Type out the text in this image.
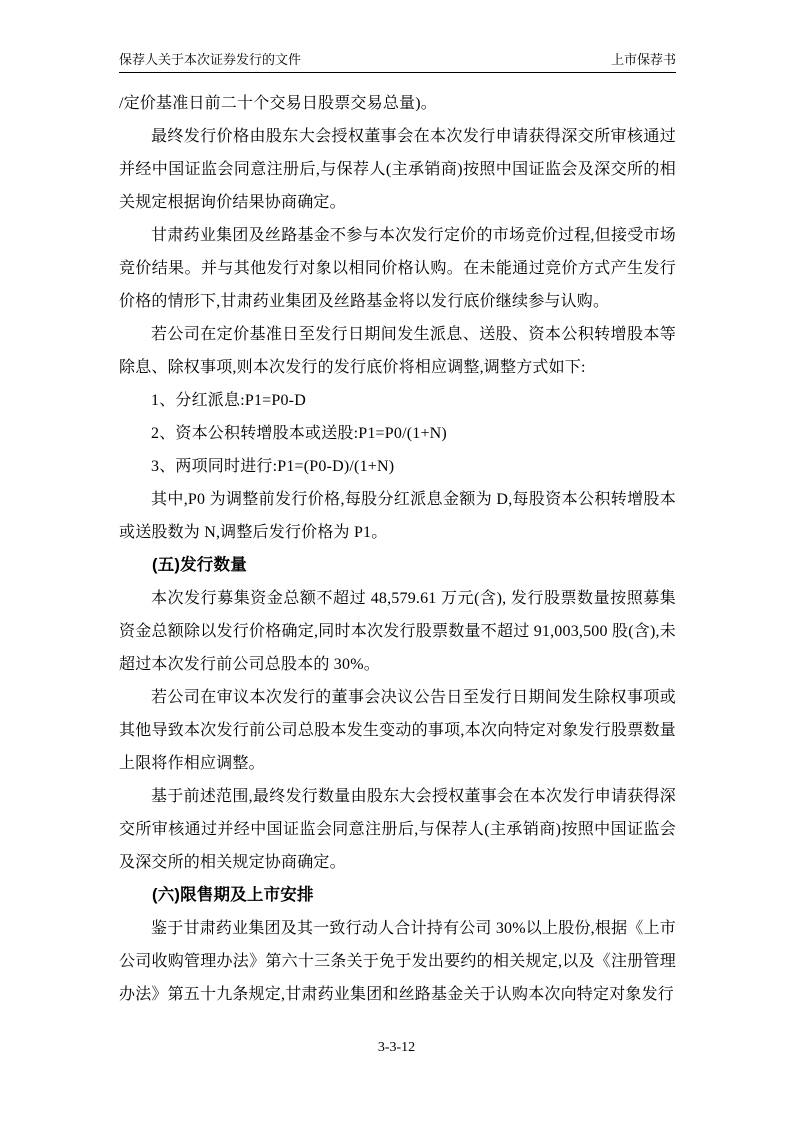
保荐人关于本次证券发行的文件	上市保荐书

/定价基准日前二十个交易日股票交易总量)。

最终发行价格由股东大会授权董事会在本次发行申请获得深交所审核通过并经中国证监会同意注册后,与保荐人(主承销商)按照中国证监会及深交所的相关规定根据询价结果协商确定。

甘肃药业集团及丝路基金不参与本次发行定价的市场竞价过程,但接受市场竞价结果。并与其他发行对象以相同价格认购。在未能通过竞价方式产生发行价格的情形下,甘肃药业集团及丝路基金将以发行底价继续参与认购。

若公司在定价基准日至发行日期间发生派息、送股、资本公积转增股本等除息、除权事项,则本次发行的发行底价将相应调整,调整方式如下:

1、分红派息:P1=P0-D

2、资本公积转增股本或送股:P1=P0/(1+N)

3、两项同时进行:P1=(P0-D)/(1+N)

其中,P0 为调整前发行价格,每股分红派息金额为 D,每股资本公积转增股本或送股数为 N,调整后发行价格为 P1。

(五)发行数量

本次发行募集资金总额不超过 48,579.61 万元(含), 发行股票数量按照募集资金总额除以发行价格确定,同时本次发行股票数量不超过 91,003,500 股(含),未超过本次发行前公司总股本的 30%。

若公司在审议本次发行的董事会决议公告日至发行日期间发生除权事项或其他导致本次发行前公司总股本发生变动的事项,本次向特定对象发行股票数量上限将作相应调整。

基于前述范围,最终发行数量由股东大会授权董事会在本次发行申请获得深交所审核通过并经中国证监会同意注册后,与保荐人(主承销商)按照中国证监会及深交所的相关规定协商确定。

(六)限售期及上市安排

鉴于甘肃药业集团及其一致行动人合计持有公司 30%以上股份,根据《上市公司收购管理办法》第六十三条关于免于发出要约的相关规定,以及《注册管理办法》第五十九条规定,甘肃药业集团和丝路基金关于认购本次向特定对象发行

3-3-12
